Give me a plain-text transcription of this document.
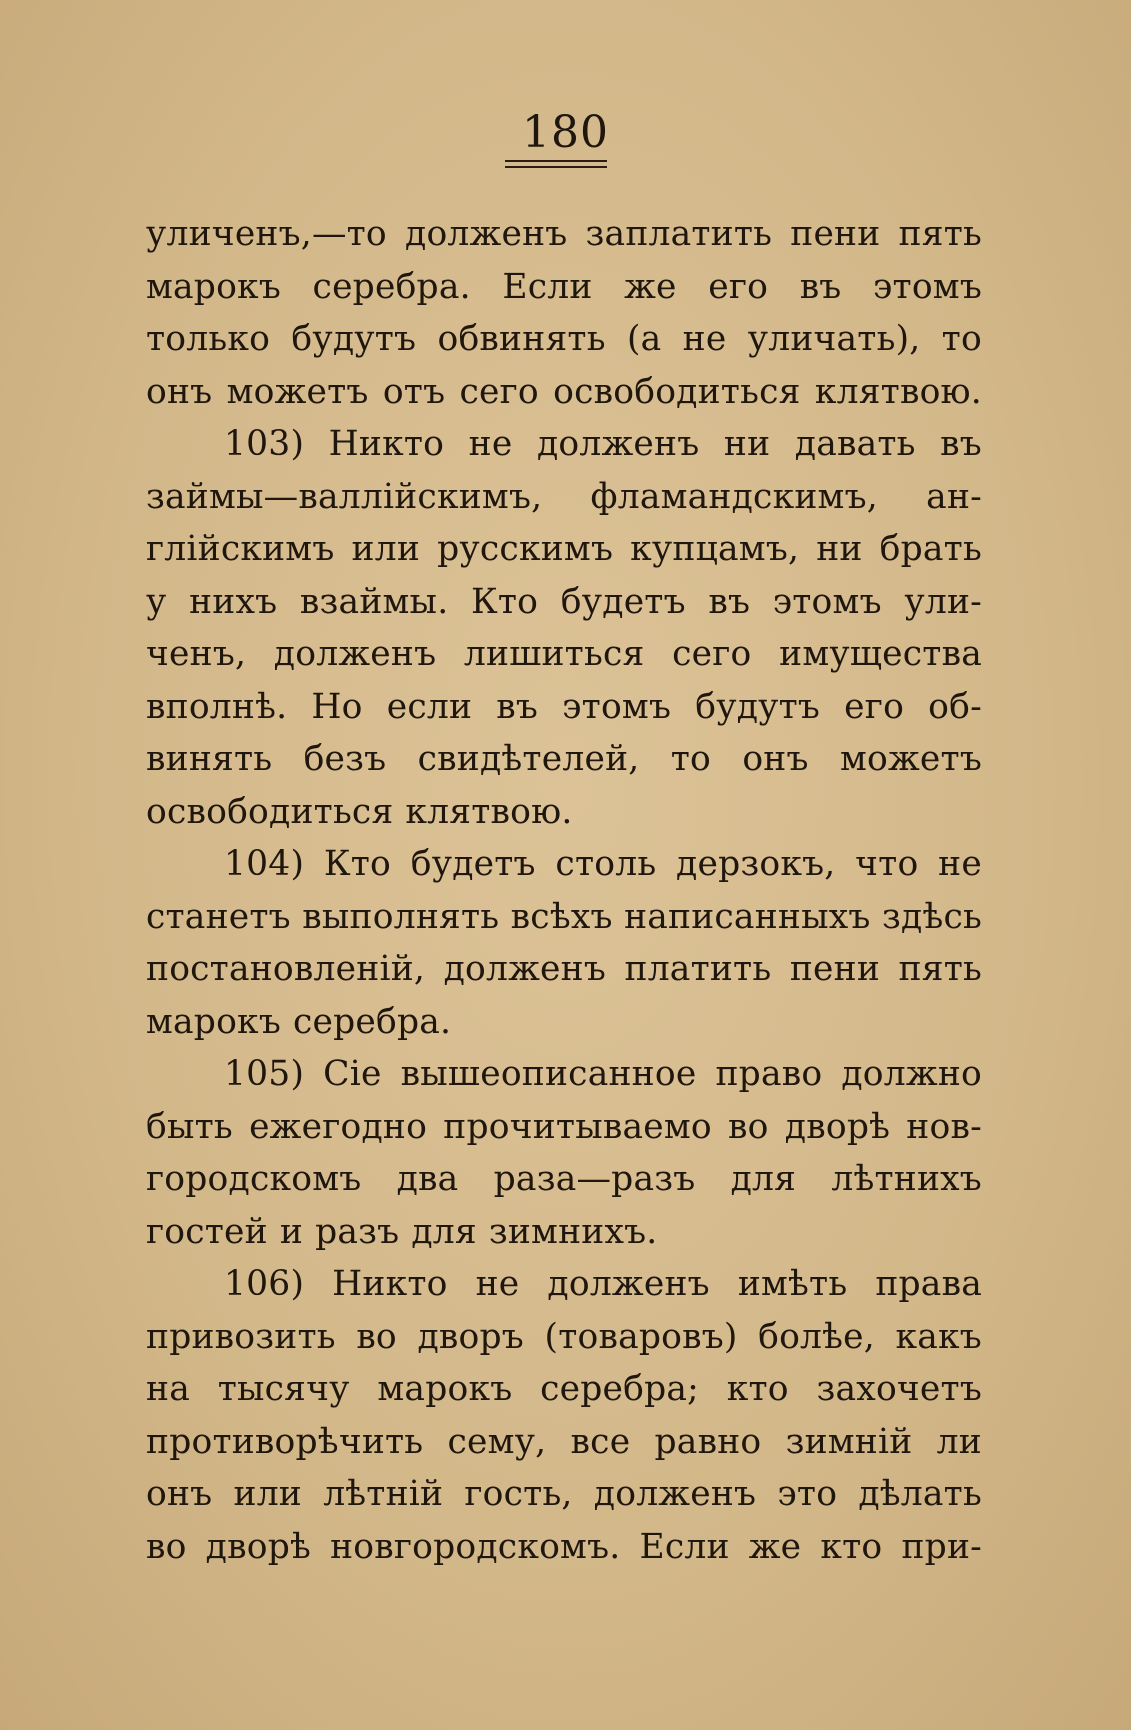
180
уличенъ,—то долженъ заплатить пени пять
марокъ серебра. Если же его въ этомъ
только будутъ обвинять (а не уличать), то
онъ можетъ отъ сего освободиться клятвою.
103) Никто не долженъ ни давать въ
займы—валлійскимъ, фламандскимъ, ан-
глійскимъ или русскимъ купцамъ, ни брать
у нихъ взаймы. Кто будетъ въ этомъ ули-
ченъ, долженъ лишиться сего имущества
вполнѣ. Но если въ этомъ будутъ его об-
винять безъ свидѣтелей, то онъ можетъ
освободиться клятвою.
104) Кто будетъ столь дерзокъ, что не
станетъ выполнять всѣхъ написанныхъ здѣсь
постановленій, долженъ платить пени пять
марокъ серебра.
105) Сіе вышеописанное право должно
быть ежегодно прочитываемо во дворѣ нов-
городскомъ два раза—разъ для лѣтнихъ
гостей и разъ для зимнихъ.
106) Никто не долженъ имѣть права
привозить во дворъ (товаровъ) болѣе, какъ
на тысячу марокъ серебра; кто захочетъ
противорѣчить сему, все равно зимній ли
онъ или лѣтній гость, долженъ это дѣлать
во дворѣ новгородскомъ. Если же кто при-
